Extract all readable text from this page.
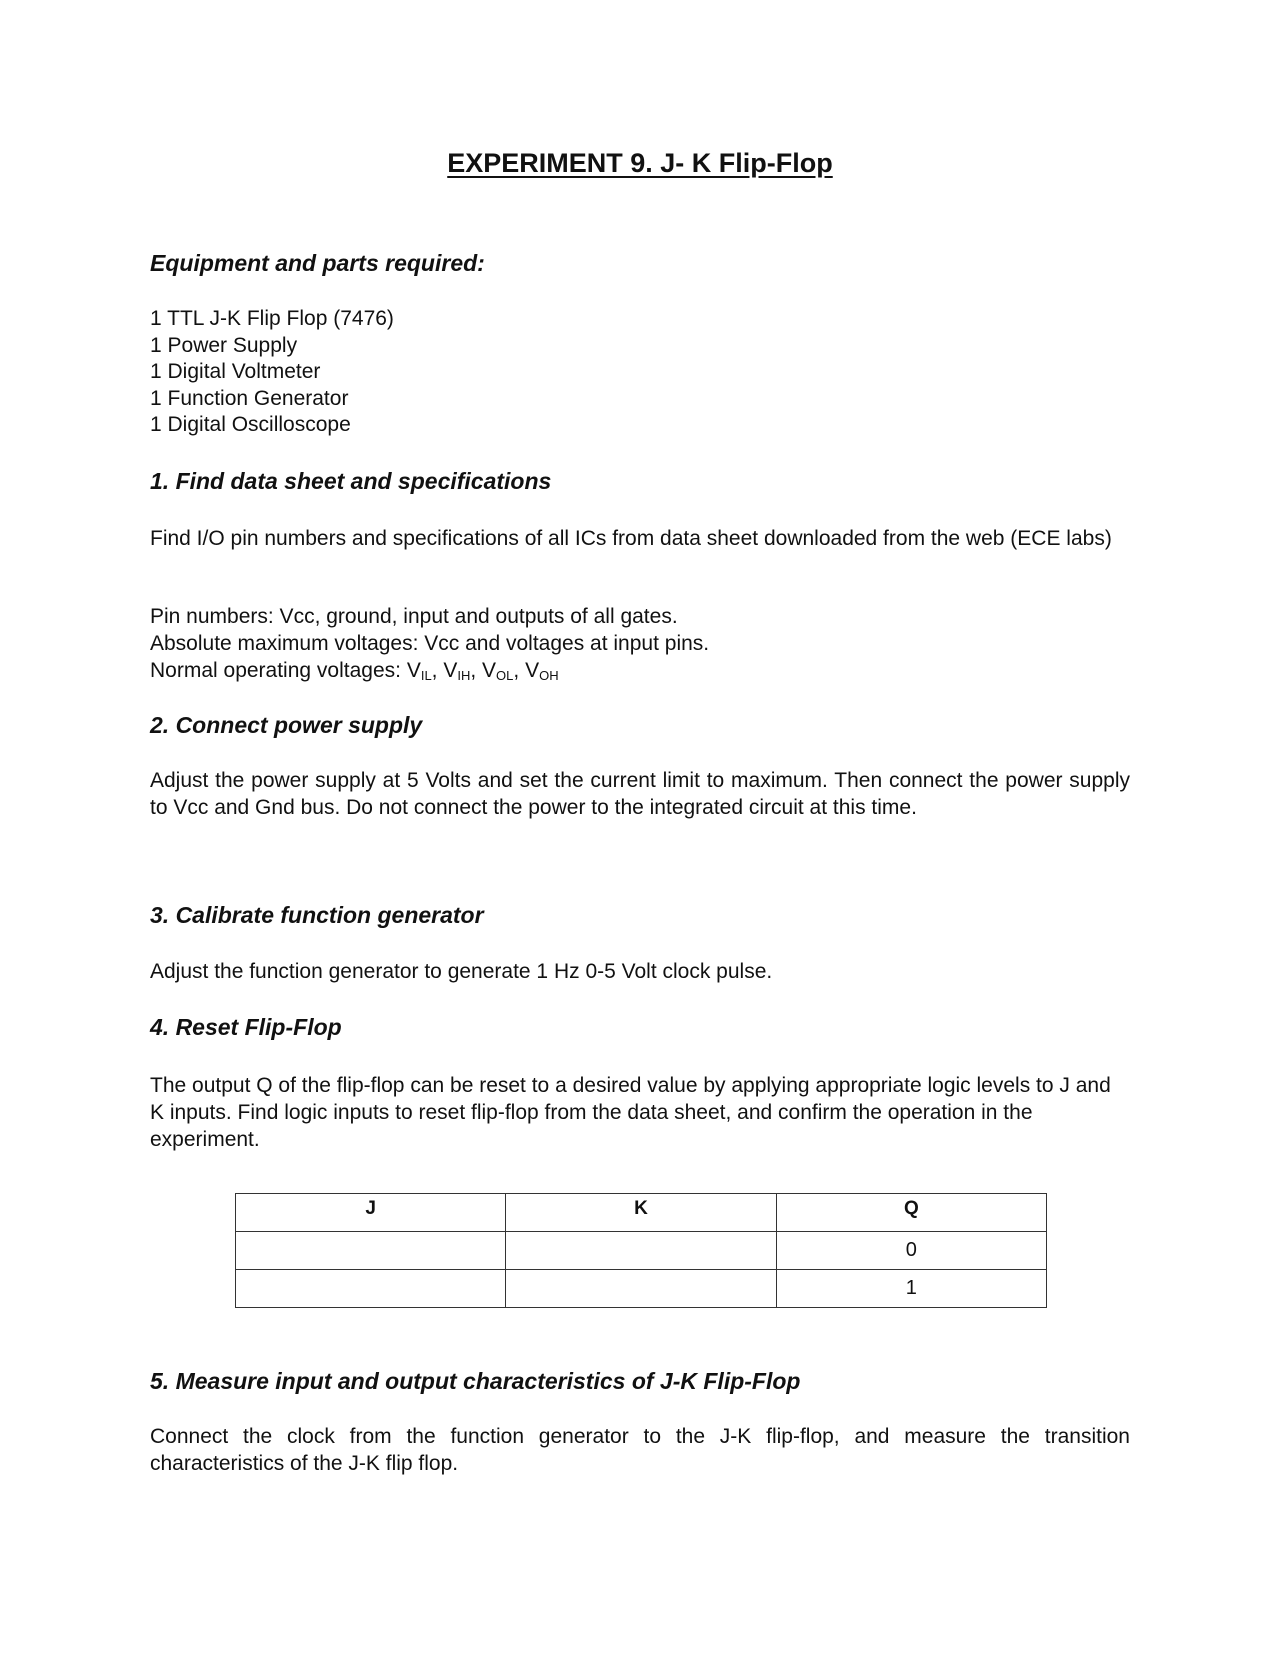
EXPERIMENT 9. J- K Flip-Flop
Equipment and parts required:
1 TTL J-K Flip Flop (7476)
1 Power Supply
1 Digital Voltmeter
1 Function Generator
1 Digital Oscilloscope
1. Find data sheet and specifications

Find I/O pin numbers and specifications of all ICs from data sheet downloaded from the web (ECE labs)

Pin numbers: Vcc, ground, input and outputs of all gates.
Absolute maximum voltages: Vcc and voltages at input pins.
Normal operating voltages: $V_{IL}$, $V_{IH}$, $V_{OL}$, $V_{OH}$
2. Connect power supply

Adjust the power supply at 5 Volts and set the current limit to maximum. Then connect the power supply to Vcc and Gnd bus. Do not connect the power to the integrated circuit at this time.

3. Calibrate function generator

Adjust the function generator to generate 1 Hz 0-5 Volt clock pulse.

4. Reset Flip-Flop

The output Q of the flip-flop can be reset to a desired value by applying appropriate logic levels to J and K inputs. Find logic inputs to reset flip-flop from the data sheet, and confirm the operation in the experiment.

J	K	Q
		0
		1
5. Measure input and output characteristics of J-K Flip-Flop

Connect the clock from the function generator to the J-K flip-flop, and measure the transition characteristics of the J-K flip flop.
